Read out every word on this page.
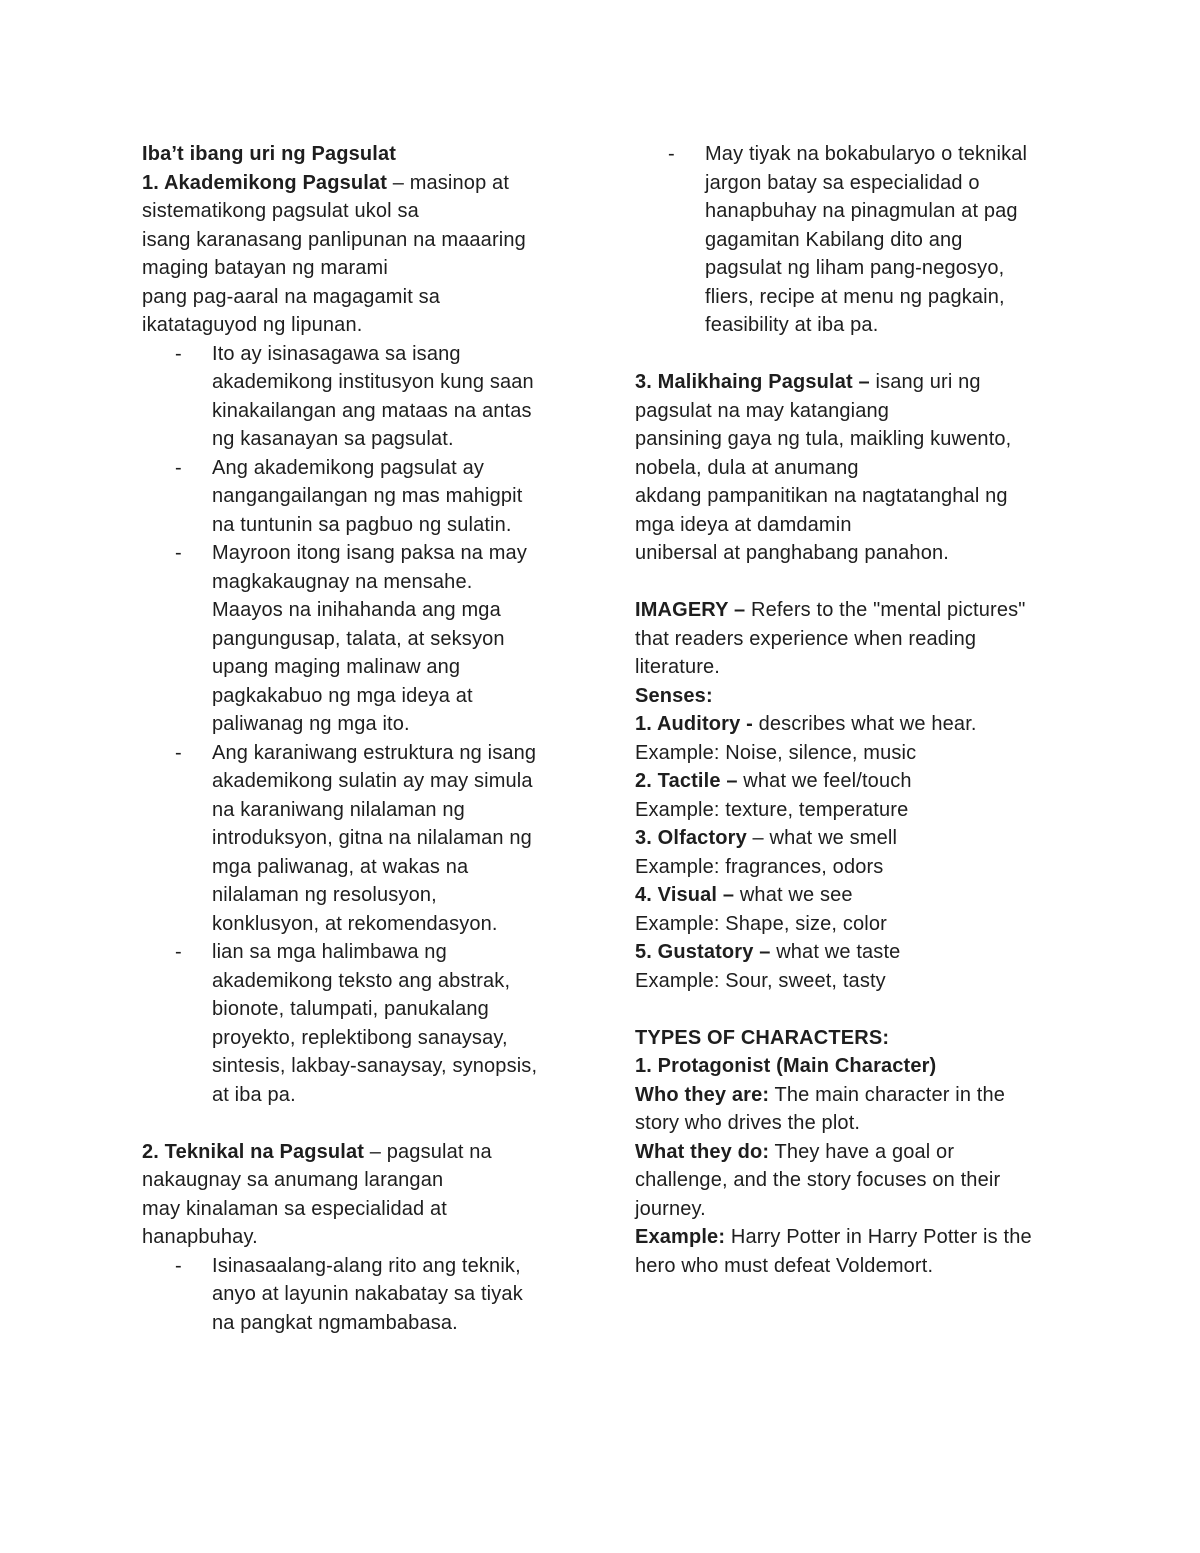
Iba’t ibang uri ng Pagsulat
1. Akademikong Pagsulat – masinop at
sistematikong pagsulat ukol sa
isang karanasang panlipunan na maaaring
maging batayan ng marami
pang pag-aaral na magagamit sa
ikatataguyod ng lipunan.
- Ito ay isinasagawa sa isang
akademikong institusyon kung saan
kinakailangan ang mataas na antas
ng kasanayan sa pagsulat.
- Ang akademikong pagsulat ay
nangangailangan ng mas mahigpit
na tuntunin sa pagbuo ng sulatin.
- Mayroon itong isang paksa na may
magkakaugnay na mensahe.
Maayos na inihahanda ang mga
pangungusap, talata, at seksyon
upang maging malinaw ang
pagkakabuo ng mga ideya at
paliwanag ng mga ito.
- Ang karaniwang estruktura ng isang
akademikong sulatin ay may simula
na karaniwang nilalaman ng
introduksyon, gitna na nilalaman ng
mga paliwanag, at wakas na
nilalaman ng resolusyon,
konklusyon, at rekomendasyon.
- lian sa mga halimbawa ng
akademikong teksto ang abstrak,
bionote, talumpati, panukalang
proyekto, replektibong sanaysay,
sintesis, lakbay-sanaysay, synopsis,
at iba pa.
2. Teknikal na Pagsulat – pagsulat na
nakaugnay sa anumang larangan
may kinalaman sa especialidad at
hanapbuhay.
- Isinasaalang-alang rito ang teknik,
anyo at layunin nakabatay sa tiyak
na pangkat ngmambabasa.
- May tiyak na bokabularyo o teknikal
jargon batay sa especialidad o
hanapbuhay na pinagmulan at pag
gagamitan Kabilang dito ang
pagsulat ng liham pang-negosyo,
fliers, recipe at menu ng pagkain,
feasibility at iba pa.
3. Malikhaing Pagsulat – isang uri ng
pagsulat na may katangiang
pansining gaya ng tula, maikling kuwento,
nobela, dula at anumang
akdang pampanitikan na nagtatanghal ng
mga ideya at damdamin
unibersal at panghabang panahon.
IMAGERY – Refers to the "mental pictures"
that readers experience when reading
literature.
Senses:
1. Auditory - describes what we hear.
Example: Noise, silence, music
2. Tactile – what we feel/touch
Example: texture, temperature
3. Olfactory – what we smell
Example: fragrances, odors
4. Visual – what we see
Example: Shape, size, color
5. Gustatory – what we taste
Example: Sour, sweet, tasty
TYPES OF CHARACTERS:
1. Protagonist (Main Character)
Who they are: The main character in the
story who drives the plot.
What they do: They have a goal or
challenge, and the story focuses on their
journey.
Example: Harry Potter in Harry Potter is the
hero who must defeat Voldemort.
